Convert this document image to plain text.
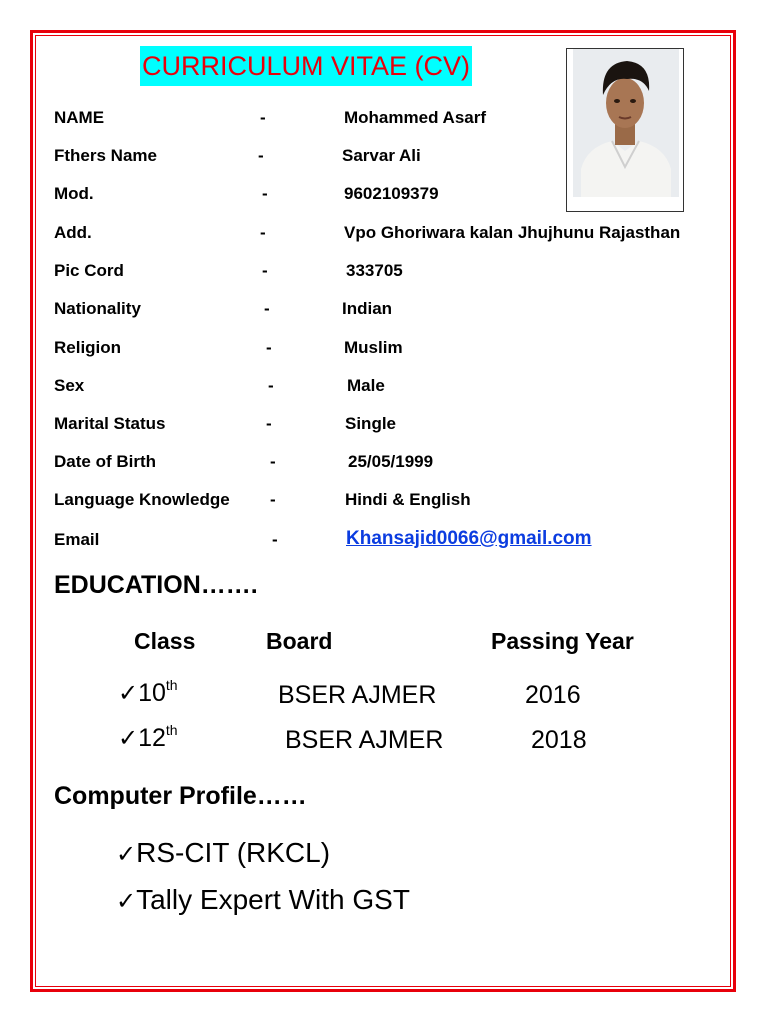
CURRICULUM VITAE (CV)
NAME	-	Mohammed Asarf
Fthers Name	-	Sarvar Ali
Mod.	-	9602109379
Add.	-	Vpo Ghoriwara kalan Jhujhunu Rajasthan
Pic Cord	-	333705
Nationality	-	Indian
Religion	-	Muslim
Sex	-	Male
Marital Status	-	Single
Date of Birth	-	25/05/1999
Language Knowledge -	Hindi & English
Email	-	Khansajid0066@gmail.com
EDUCATION…….
Class	Board	Passing Year
✓10th	BSER AJMER	2016
✓12th	BSER AJMER	2018
Computer Profile……
✓RS-CIT (RKCL)
✓Tally Expert With GST
